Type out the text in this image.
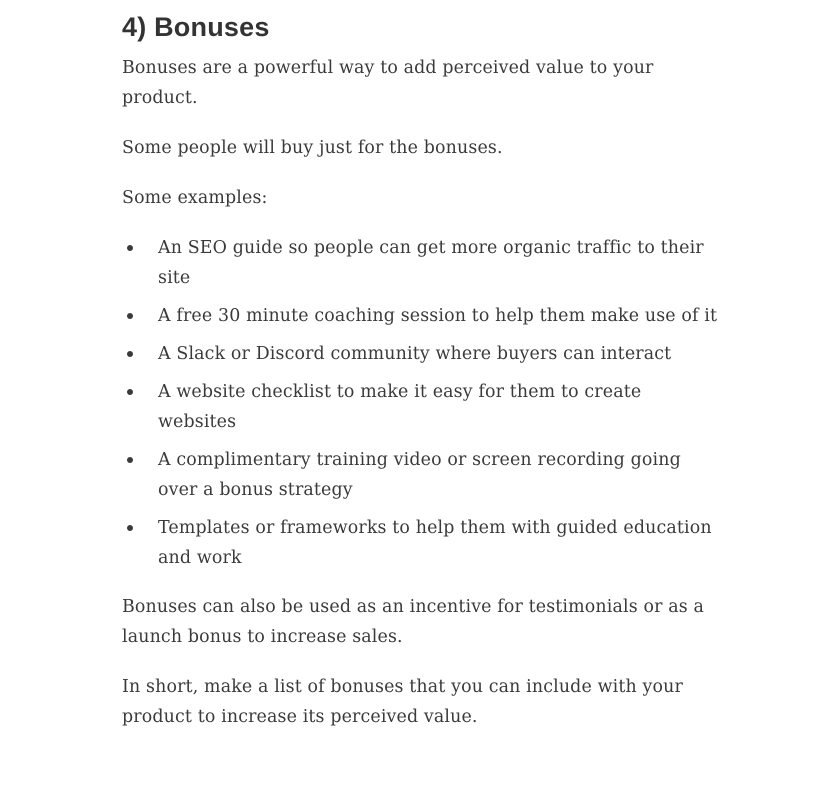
4) Bonuses

Bonuses are a powerful way to add perceived value to your product.

Some people will buy just for the bonuses.

Some examples:

An SEO guide so people can get more organic traffic to their site
A free 30 minute coaching session to help them make use of it
A Slack or Discord community where buyers can interact
A website checklist to make it easy for them to create websites
A complimentary training video or screen recording going over a bonus strategy
Templates or frameworks to help them with guided education and work

Bonuses can also be used as an incentive for testimonials or as a launch bonus to increase sales.

In short, make a list of bonuses that you can include with your product to increase its perceived value.
